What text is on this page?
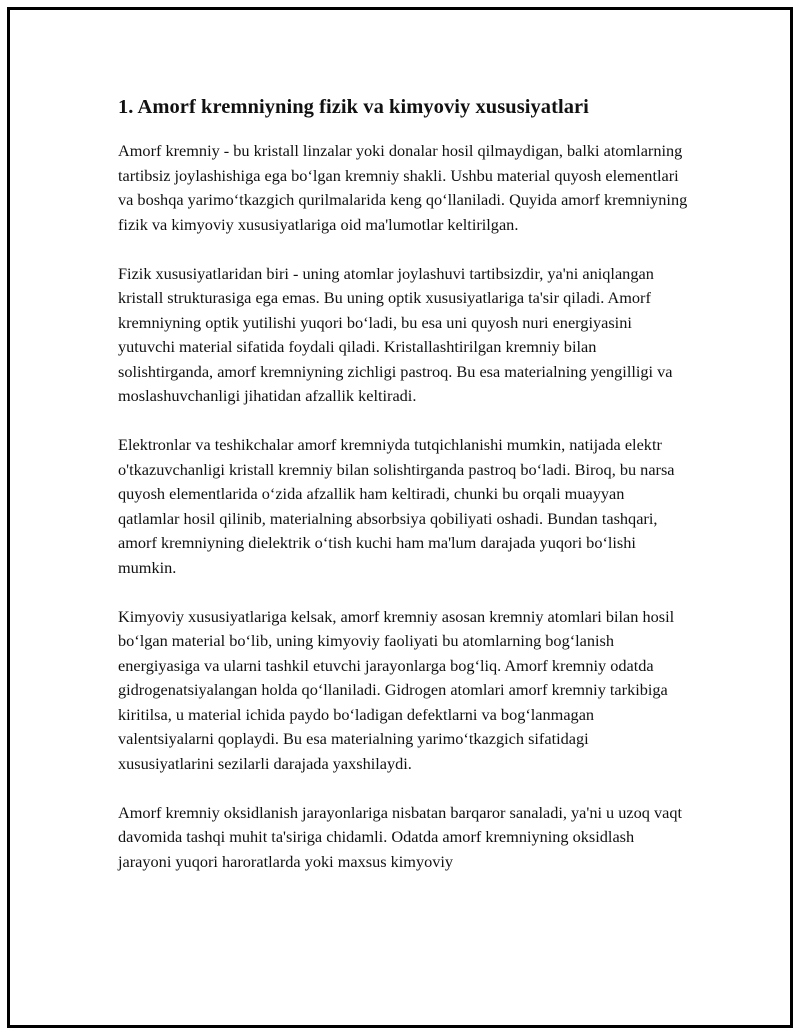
1. Amorf kremniyning fizik va kimyoviy xususiyatlari

Amorf kremniy - bu kristall linzalar yoki donalar hosil qilmaydigan, balki atomlarning tartibsiz joylashishiga ega bo‘lgan kremniy shakli. Ushbu material quyosh elementlari va boshqa yarimo‘tkazgich qurilmalarida keng qo‘llaniladi. Quyida amorf kremniyning fizik va kimyoviy xususiyatlariga oid ma'lumotlar keltirilgan.

Fizik xususiyatlaridan biri - uning atomlar joylashuvi tartibsizdir, ya'ni aniqlangan kristall strukturasiga ega emas. Bu uning optik xususiyatlariga ta'sir qiladi. Amorf kremniyning optik yutilishi yuqori bo‘ladi, bu esa uni quyosh nuri energiyasini yutuvchi material sifatida foydali qiladi. Kristallashtirilgan kremniy bilan solishtirganda, amorf kremniyning zichligi pastroq. Bu esa materialning yengilligi va moslashuvchanligi jihatidan afzallik keltiradi.

Elektronlar va teshikchalar amorf kremniyda tutqichlanishi mumkin, natijada elektr o'tkazuvchanligi kristall kremniy bilan solishtirganda pastroq bo‘ladi. Biroq, bu narsa quyosh elementlarida o‘zida afzallik ham keltiradi, chunki bu orqali muayyan qatlamlar hosil qilinib, materialning absorbsiya qobiliyati oshadi. Bundan tashqari, amorf kremniyning dielektrik o‘tish kuchi ham ma'lum darajada yuqori bo‘lishi mumkin.

Kimyoviy xususiyatlariga kelsak, amorf kremniy asosan kremniy atomlari bilan hosil bo‘lgan material bo‘lib, uning kimyoviy faoliyati bu atomlarning bog‘lanish energiyasiga va ularni tashkil etuvchi jarayonlarga bog‘liq. Amorf kremniy odatda gidrogenatsiyalangan holda qo‘llaniladi. Gidrogen atomlari amorf kremniy tarkibiga kiritilsa, u material ichida paydo bo‘ladigan defektlarni va bog‘lanmagan valentsiyalarni qoplaydi. Bu esa materialning yarimo‘tkazgich sifatidagi xususiyatlarini sezilarli darajada yaxshilaydi.

Amorf kremniy oksidlanish jarayonlariga nisbatan barqaror sanaladi, ya'ni u uzoq vaqt davomida tashqi muhit ta'siriga chidamli. Odatda amorf kremniyning oksidlash jarayoni yuqori haroratlarda yoki maxsus kimyoviy
